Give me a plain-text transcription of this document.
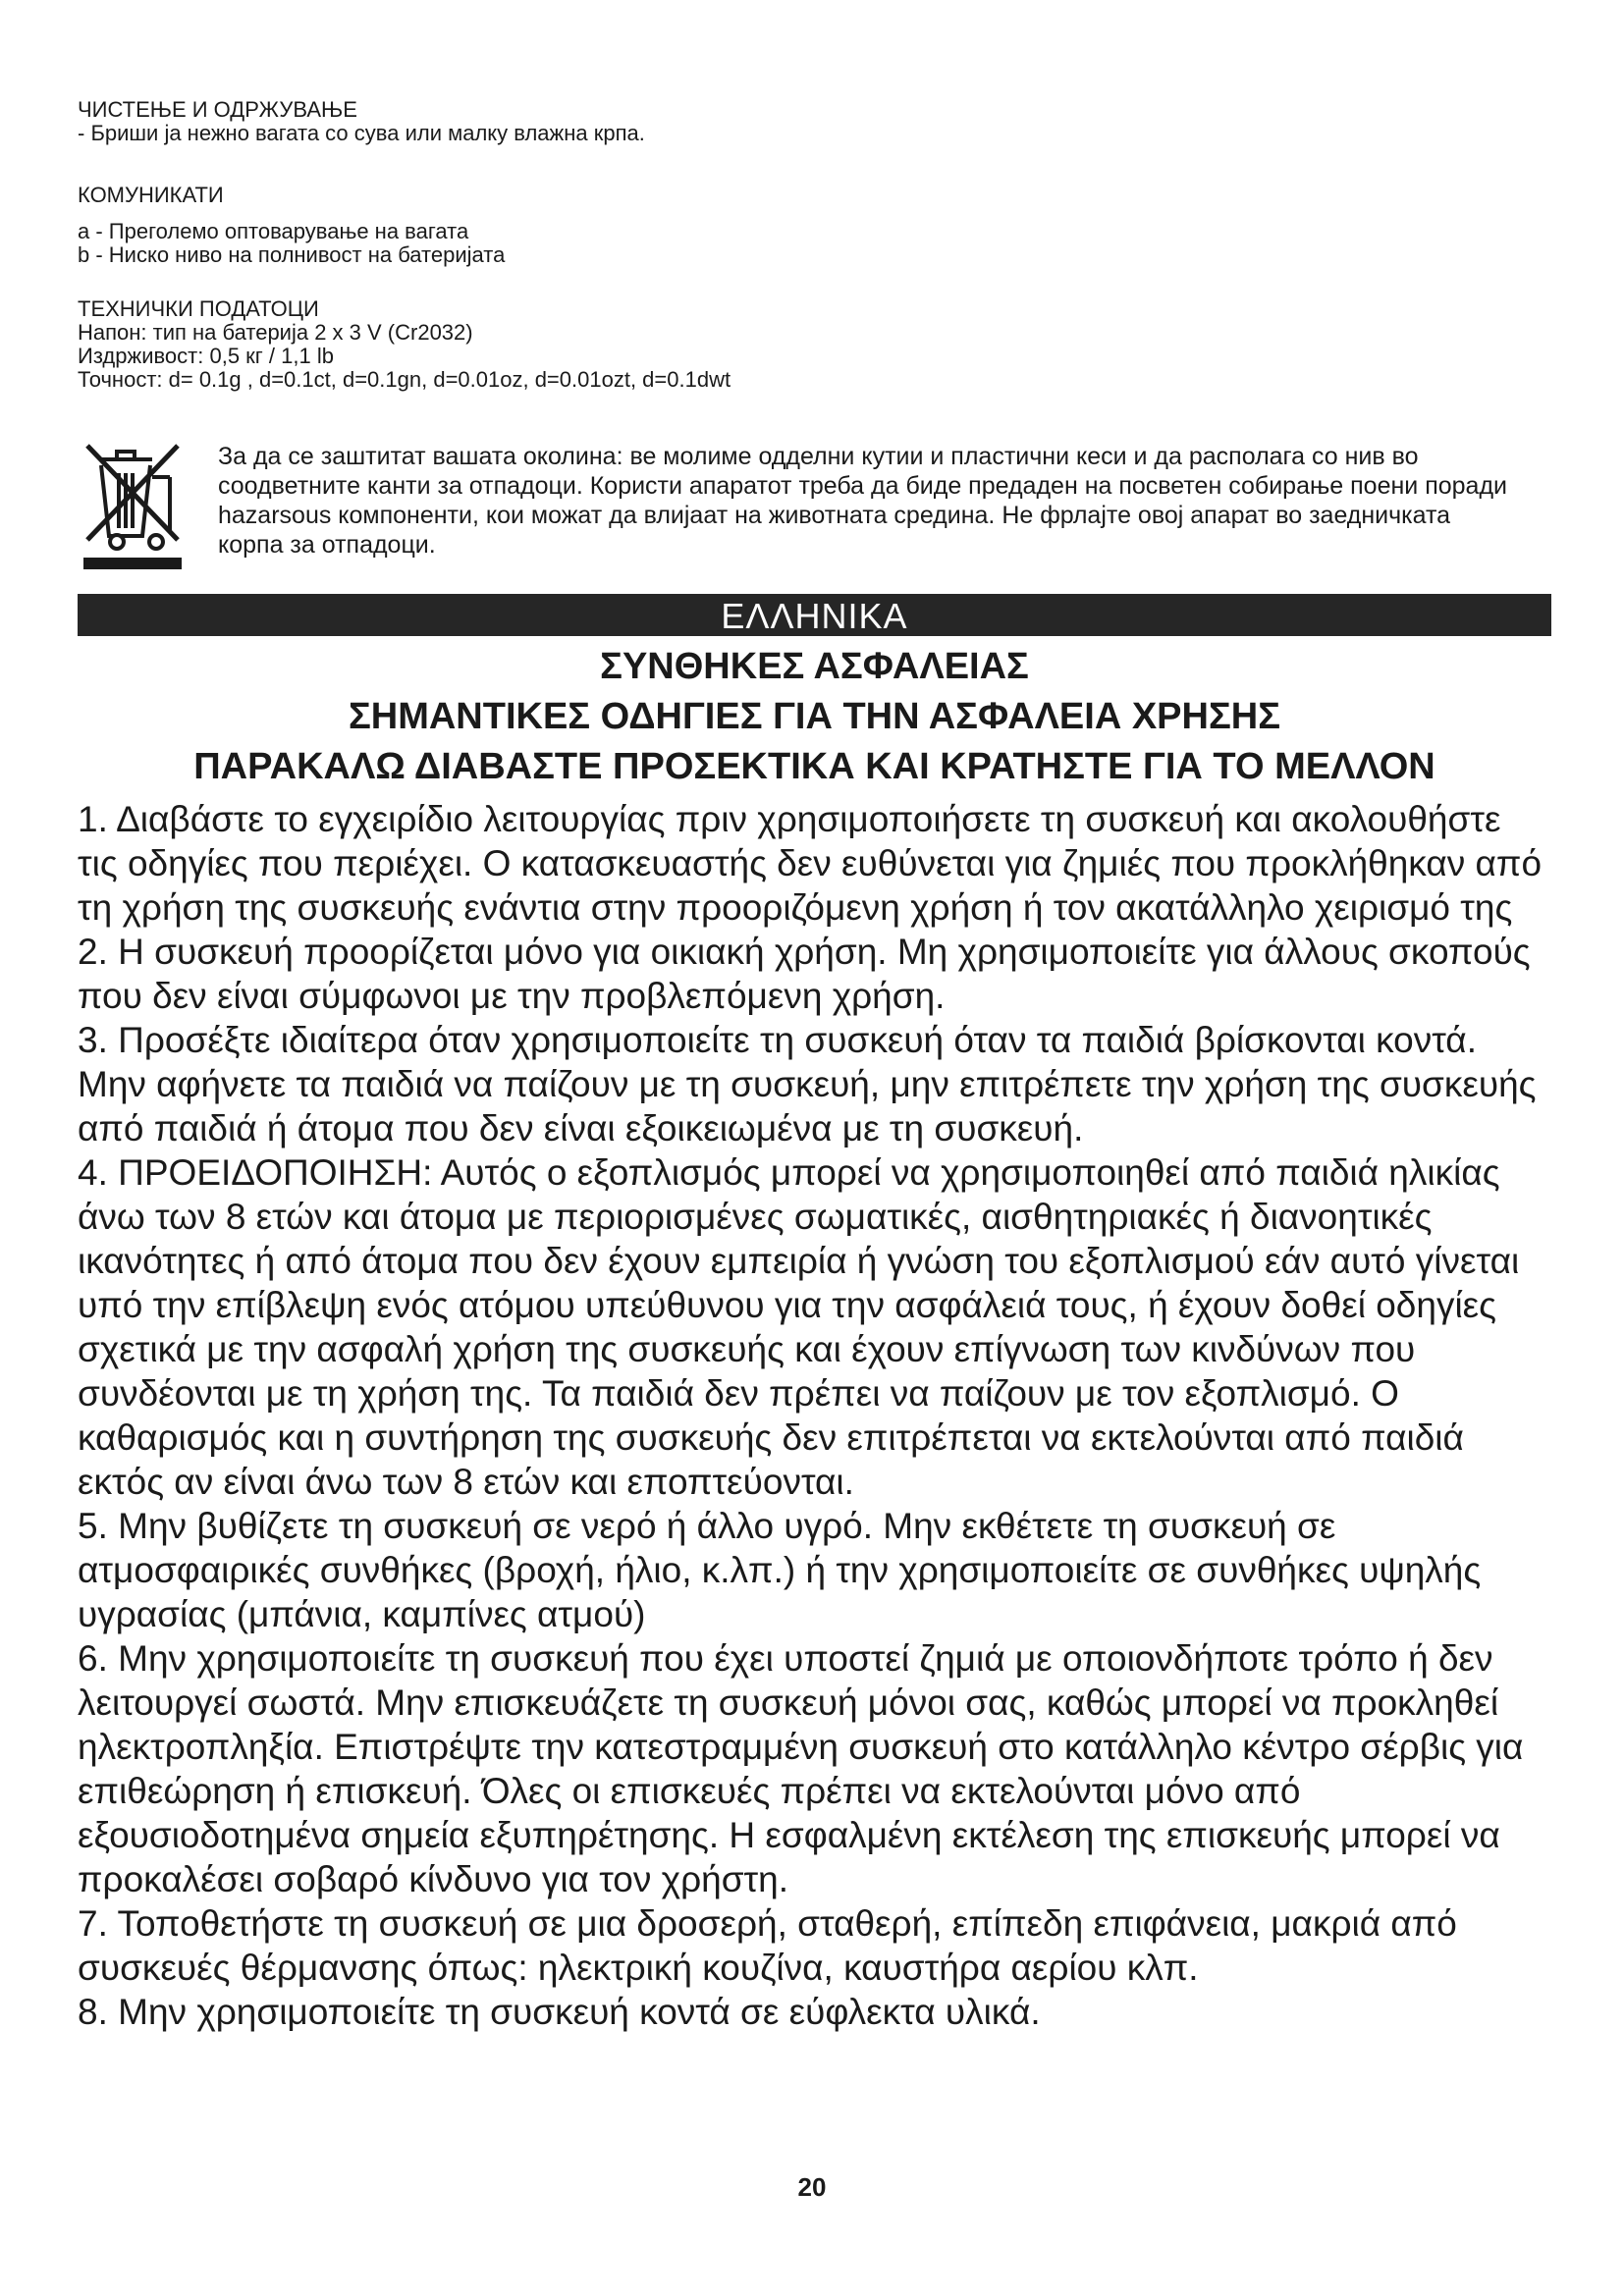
ЧИСТЕЊЕ И ОДРЖУВАЊЕ
- Бриши ја нежно вагата со сува или малку влажна крпа.
КОМУНИКАТИ
a - Преголемо оптоварување на вагата
b - Ниско ниво на полнивост на батеријата
ТЕХНИЧКИ ПОДАТОЦИ
Напон: тип на батерија 2 x 3 V (Cr2032)
Издрживост: 0,5 кг / 1,1 lb
Точност: d= 0.1g , d=0.1ct, d=0.1gn, d=0.01oz, d=0.01ozt, d=0.1dwt
За да се заштитат вашата околина: ве молиме одделни кутии и пластични кеси и да располага со нив во
соодветните канти за отпадоци. Користи апаратот треба да биде предаден на посветен собирање поени поради
hazarsous компоненти, кои можат да влијаат на животната средина. Не фрлајте овој апарат во заедничката
корпа за отпадоци.
ΕΛΛΗΝΙΚΑ
ΣΥΝΘΗΚΕΣ ΑΣΦΑΛΕΙΑΣ
ΣΗΜΑΝΤΙΚΕΣ ΟΔΗΓΙΕΣ ΓΙΑ ΤΗΝ ΑΣΦΑΛΕΙΑ ΧΡΗΣΗΣ
ΠΑΡΑΚΑΛΩ ΔΙΑΒΑΣΤΕ ΠΡΟΣΕΚΤΙΚΑ ΚΑΙ ΚΡΑΤΗΣΤΕ ΓΙΑ ΤΟ ΜΕΛΛΟΝ
1. Διαβάστε το εγχειρίδιο λειτουργίας πριν χρησιμοποιήσετε τη συσκευή και ακολουθήστε
τις οδηγίες που περιέχει. Ο κατασκευαστής δεν ευθύνεται για ζημιές που προκλήθηκαν από
τη χρήση της συσκευής ενάντια στην προοριζόμενη χρήση ή τον ακατάλληλο χειρισμό της
2. Η συσκευή προορίζεται μόνο για οικιακή χρήση. Μη χρησιμοποιείτε για άλλους σκοπούς
που δεν είναι σύμφωνοι με την προβλεπόμενη χρήση.
3. Προσέξτε ιδιαίτερα όταν χρησιμοποιείτε τη συσκευή όταν τα παιδιά βρίσκονται κοντά.
Μην αφήνετε τα παιδιά να παίζουν με τη συσκευή, μην επιτρέπετε την χρήση της συσκευής
από παιδιά ή άτομα που δεν είναι εξοικειωμένα με τη συσκευή.
4. ΠΡΟΕΙΔΟΠΟΙΗΣΗ: Αυτός ο εξοπλισμός μπορεί να χρησιμοποιηθεί από παιδιά ηλικίας
άνω των 8 ετών και άτομα με περιορισμένες σωματικές, αισθητηριακές ή διανοητικές
ικανότητες ή από άτομα που δεν έχουν εμπειρία ή γνώση του εξοπλισμού εάν αυτό γίνεται
υπό την επίβλεψη ενός ατόμου υπεύθυνου για την ασφάλειά τους, ή έχουν δοθεί οδηγίες
σχετικά με την ασφαλή χρήση της συσκευής και έχουν επίγνωση των κινδύνων που
συνδέονται με τη χρήση της. Τα παιδιά δεν πρέπει να παίζουν με τον εξοπλισμό. Ο
καθαρισμός και η συντήρηση της συσκευής δεν επιτρέπεται να εκτελούνται από παιδιά
εκτός αν είναι άνω των 8 ετών και εποπτεύονται.
5. Μην βυθίζετε τη συσκευή σε νερό ή άλλο υγρό. Μην εκθέτετε τη συσκευή σε
ατμοσφαιρικές συνθήκες (βροχή, ήλιο, κ.λπ.) ή την χρησιμοποιείτε σε συνθήκες υψηλής
υγρασίας (μπάνια, καμπίνες ατμού)
6. Μην χρησιμοποιείτε τη συσκευή που έχει υποστεί ζημιά με οποιονδήποτε τρόπο ή δεν
λειτουργεί σωστά. Μην επισκευάζετε τη συσκευή μόνοι σας, καθώς μπορεί να προκληθεί
ηλεκτροπληξία. Επιστρέψτε την κατεστραμμένη συσκευή στο κατάλληλο κέντρο σέρβις για
επιθεώρηση ή επισκευή. Όλες οι επισκευές πρέπει να εκτελούνται μόνο από
εξουσιοδοτημένα σημεία εξυπηρέτησης. Η εσφαλμένη εκτέλεση της επισκευής μπορεί να
προκαλέσει σοβαρό κίνδυνο για τον χρήστη.
7. Τοποθετήστε τη συσκευή σε μια δροσερή, σταθερή, επίπεδη επιφάνεια, μακριά από
συσκευές θέρμανσης όπως: ηλεκτρική κουζίνα, καυστήρα αερίου κλπ.
8. Μην χρησιμοποιείτε τη συσκευή κοντά σε εύφλεκτα υλικά.
20
